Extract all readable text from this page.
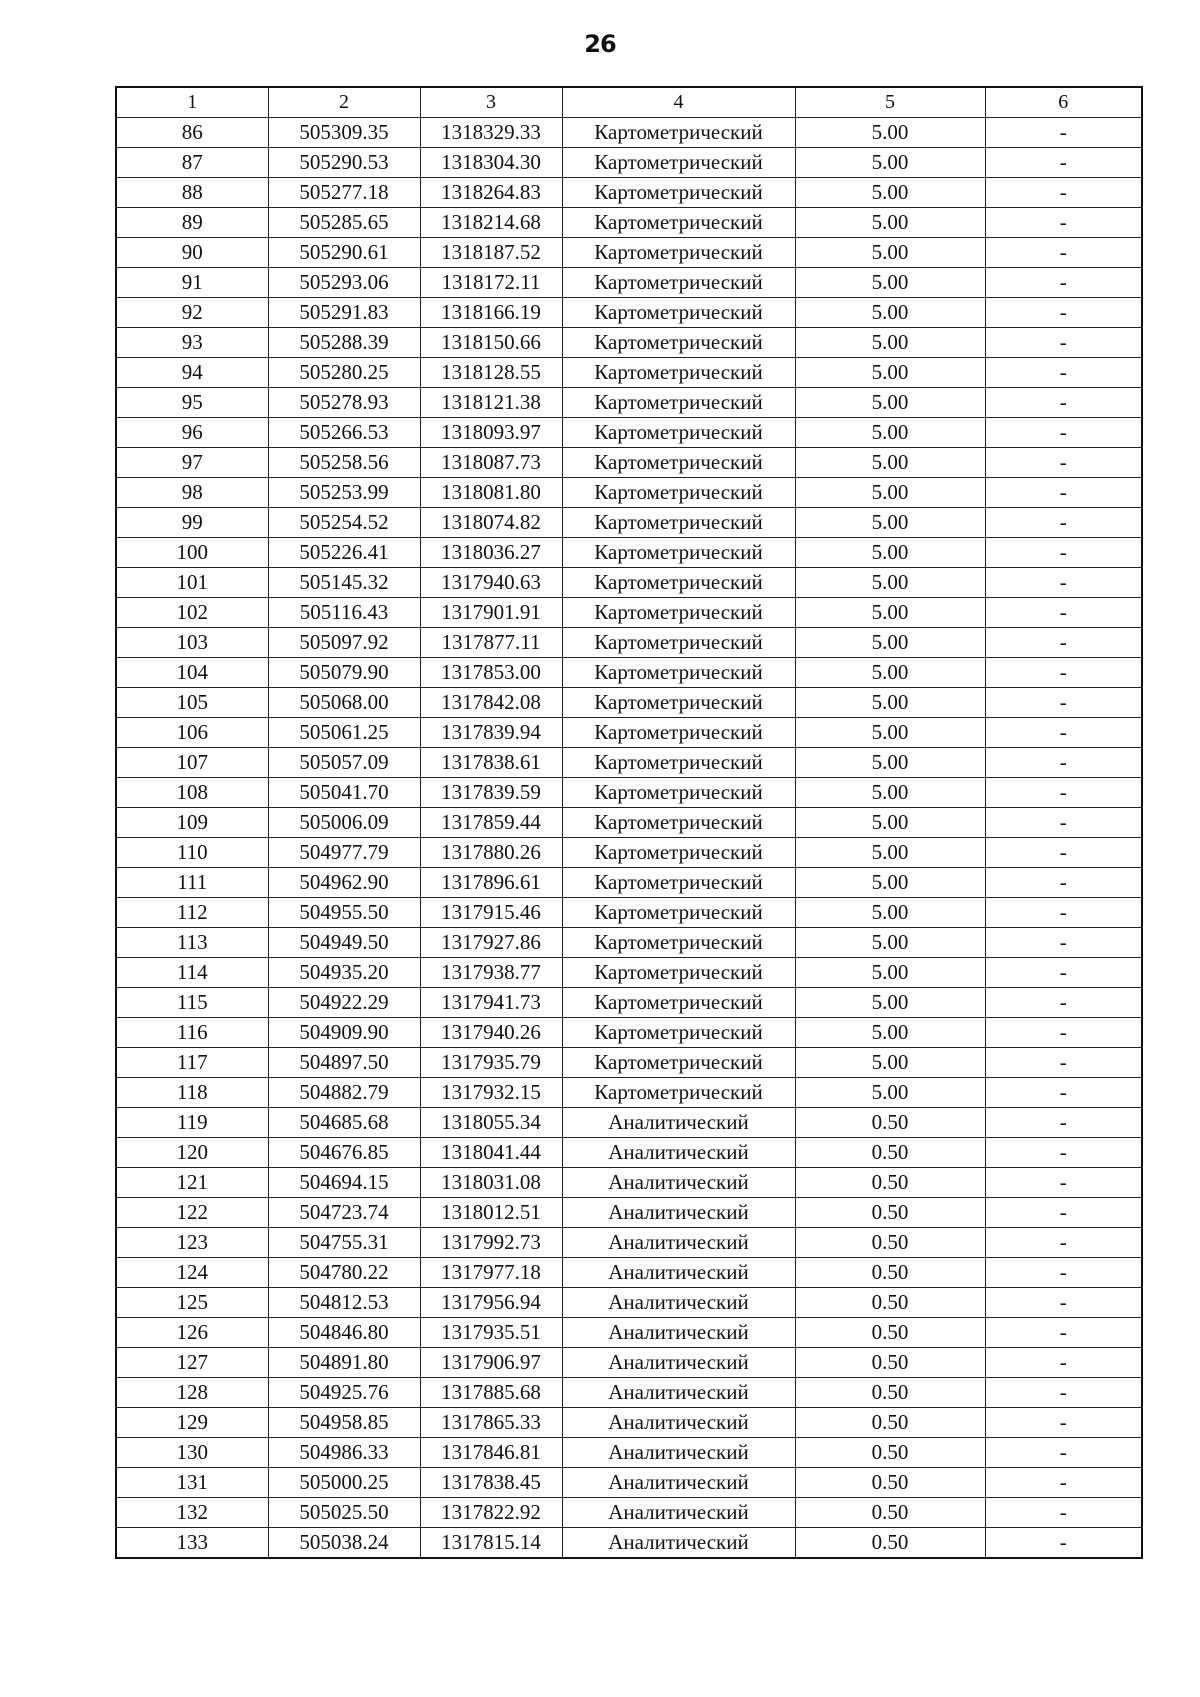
26
1	2	3	4	5	6
86	505309.35	1318329.33	Картометрический	5.00	-
87	505290.53	1318304.30	Картометрический	5.00	-
88	505277.18	1318264.83	Картометрический	5.00	-
89	505285.65	1318214.68	Картометрический	5.00	-
90	505290.61	1318187.52	Картометрический	5.00	-
91	505293.06	1318172.11	Картометрический	5.00	-
92	505291.83	1318166.19	Картометрический	5.00	-
93	505288.39	1318150.66	Картометрический	5.00	-
94	505280.25	1318128.55	Картометрический	5.00	-
95	505278.93	1318121.38	Картометрический	5.00	-
96	505266.53	1318093.97	Картометрический	5.00	-
97	505258.56	1318087.73	Картометрический	5.00	-
98	505253.99	1318081.80	Картометрический	5.00	-
99	505254.52	1318074.82	Картометрический	5.00	-
100	505226.41	1318036.27	Картометрический	5.00	-
101	505145.32	1317940.63	Картометрический	5.00	-
102	505116.43	1317901.91	Картометрический	5.00	-
103	505097.92	1317877.11	Картометрический	5.00	-
104	505079.90	1317853.00	Картометрический	5.00	-
105	505068.00	1317842.08	Картометрический	5.00	-
106	505061.25	1317839.94	Картометрический	5.00	-
107	505057.09	1317838.61	Картометрический	5.00	-
108	505041.70	1317839.59	Картометрический	5.00	-
109	505006.09	1317859.44	Картометрический	5.00	-
110	504977.79	1317880.26	Картометрический	5.00	-
111	504962.90	1317896.61	Картометрический	5.00	-
112	504955.50	1317915.46	Картометрический	5.00	-
113	504949.50	1317927.86	Картометрический	5.00	-
114	504935.20	1317938.77	Картометрический	5.00	-
115	504922.29	1317941.73	Картометрический	5.00	-
116	504909.90	1317940.26	Картометрический	5.00	-
117	504897.50	1317935.79	Картометрический	5.00	-
118	504882.79	1317932.15	Картометрический	5.00	-
119	504685.68	1318055.34	Аналитический	0.50	-
120	504676.85	1318041.44	Аналитический	0.50	-
121	504694.15	1318031.08	Аналитический	0.50	-
122	504723.74	1318012.51	Аналитический	0.50	-
123	504755.31	1317992.73	Аналитический	0.50	-
124	504780.22	1317977.18	Аналитический	0.50	-
125	504812.53	1317956.94	Аналитический	0.50	-
126	504846.80	1317935.51	Аналитический	0.50	-
127	504891.80	1317906.97	Аналитический	0.50	-
128	504925.76	1317885.68	Аналитический	0.50	-
129	504958.85	1317865.33	Аналитический	0.50	-
130	504986.33	1317846.81	Аналитический	0.50	-
131	505000.25	1317838.45	Аналитический	0.50	-
132	505025.50	1317822.92	Аналитический	0.50	-
133	505038.24	1317815.14	Аналитический	0.50	-
